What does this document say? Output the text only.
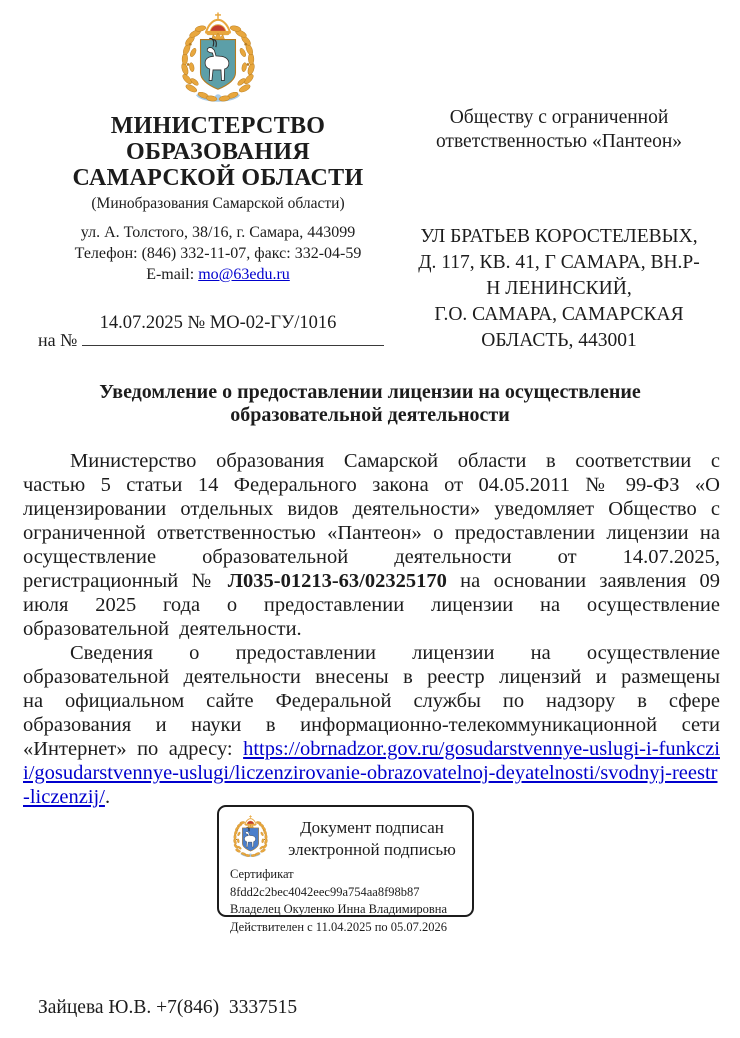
МИНИСТЕРСТВО
ОБРАЗОВАНИЯ
САМАРСКОЙ ОБЛАСТИ
(Минобразования Самарской области)
ул. А. Толстого, 38/16, г. Самара, 443099
Телефон: (846) 332-11-07, факс: 332-04-59
E-mail: mo@63edu.ru
14.07.2025 № МО-02-ГУ/1016
на №
Обществу с ограниченной ответственностью «Пантеон»
УЛ БРАТЬЕВ КОРОСТЕЛЕВЫХ,
Д. 117, КВ. 41, Г САМАРА, ВН.Р-
Н ЛЕНИНСКИЙ,
Г.О. САМАРА, САМАРСКАЯ
ОБЛАСТЬ, 443001
Уведомление о предоставлении лицензии на осуществление
образовательной деятельности

Министерство образования Самарской области в соответствии с частью 5 статьи 14 Федерального закона от 04.05.2011 № 99-ФЗ «О лицензировании отдельных видов деятельности» уведомляет Общество с ограниченной ответственностью «Пантеон» о предоставлении лицензии на осуществление образовательной деятельности от 14.07.2025, регистрационный № Л035-01213-63/02325170 на основании заявления 09 июля 2025 года о предоставлении лицензии на осуществление образовательной деятельности.

Сведения о предоставлении лицензии на осуществление образовательной деятельности внесены в реестр лицензий и размещены на официальном сайте Федеральной службы по надзору в сфере образования и науки в информационно-телекоммуникационной сети «Интернет» по адресу: https://obrnadzor.gov.ru/gosudarstvennye-uslugi-i-funkczii/gosudarstvennye-uslugi/liczenzirovanie-obrazovatelnoj-deyatelnosti/svodnyj-reestr-liczenzij/.

Документ подписан электронной подписью
Сертификат 8fdd2c2bec4042eec99a754aa8f98b87
Владелец Окуленко Инна Владимировна
Действителен с 11.04.2025 по 05.07.2026
Зайцева Ю.В. +7(846)  3337515
